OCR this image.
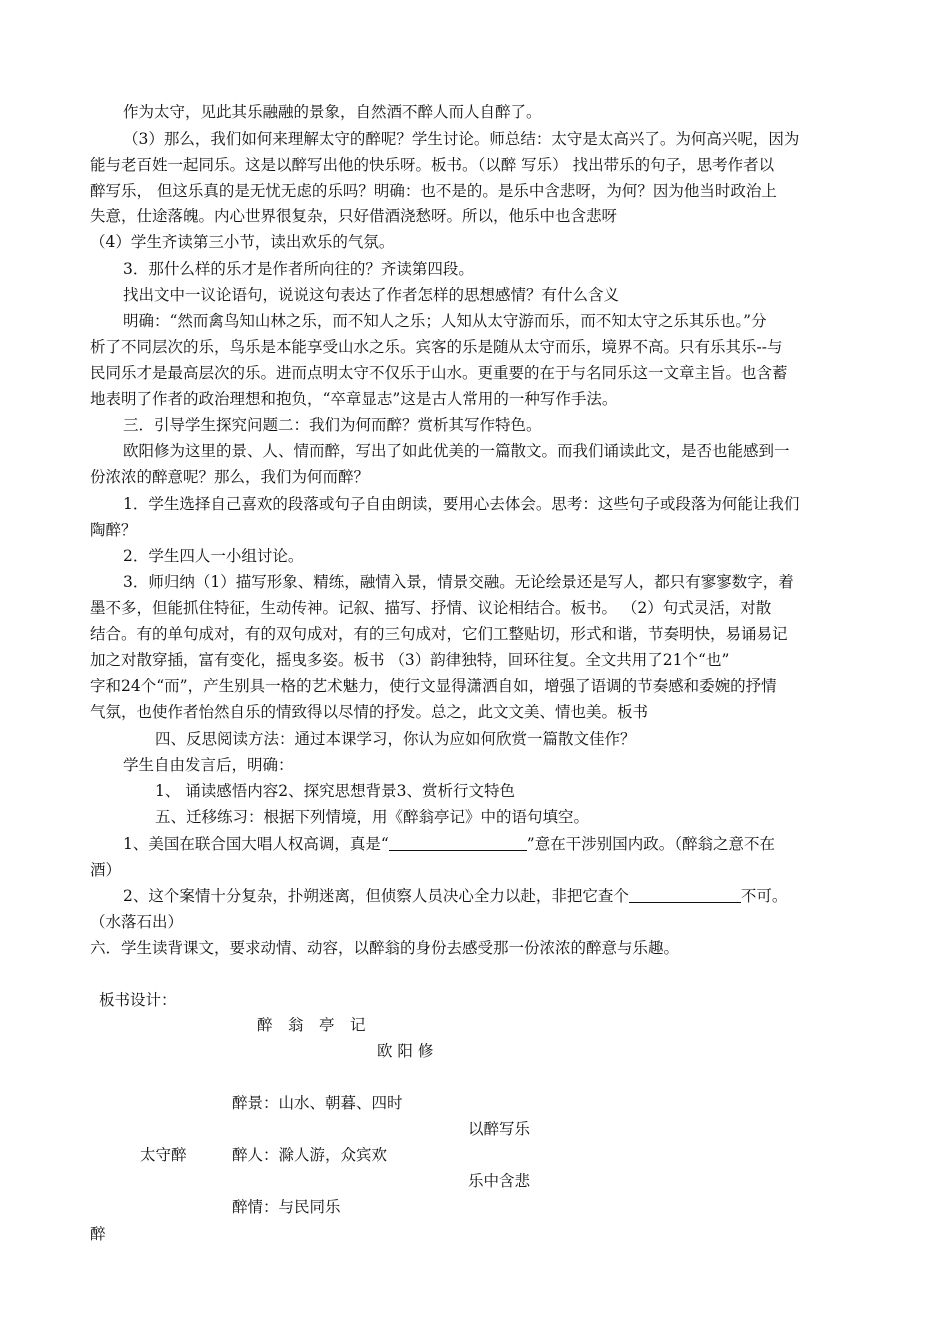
作为太守，见此其乐融融的景象，自然酒不醉人而人自醉了。
（3）那么，我们如何来理解太守的醉呢？学生讨论。师总结：太守是太高兴了。为何高兴呢，因为
能与老百姓一起同乐。这是以醉写出他的快乐呀。板书。（以醉 写乐） 找出带乐的句子，思考作者以
醉写乐， 但这乐真的是无忧无虑的乐吗？明确：也不是的。是乐中含悲呀，为何？因为他当时政治上
失意，仕途落魄。内心世界很复杂，只好借酒浇愁呀。所以，他乐中也含悲呀
（4）学生齐读第三小节，读出欢乐的气氛。
3．那什么样的乐才是作者所向往的？齐读第四段。
找出文中一议论语句，说说这句表达了作者怎样的思想感情？有什么含义
明确：“然而禽鸟知山林之乐，而不知人之乐；人知从太守游而乐，而不知太守之乐其乐也。”分
析了不同层次的乐，鸟乐是本能享受山水之乐。宾客的乐是随从太守而乐，境界不高。只有乐其乐--与
民同乐才是最高层次的乐。进而点明太守不仅乐于山水。更重要的在于与名同乐这一文章主旨。也含蓄
地表明了作者的政治理想和抱负，“卒章显志”这是古人常用的一种写作手法。
三．引导学生探究问题二：我们为何而醉？赏析其写作特色。
欧阳修为这里的景、人、情而醉，写出了如此优美的一篇散文。而我们诵读此文，是否也能感到一
份浓浓的醉意呢？那么，我们为何而醉？
1．学生选择自己喜欢的段落或句子自由朗读，要用心去体会。思考：这些句子或段落为何能让我们
陶醉？
2．学生四人一小组讨论。
3．师归纳（1）描写形象、精练，融情入景，情景交融。无论绘景还是写人，都只有寥寥数字，着
墨不多，但能抓住特征，生动传神。记叙、描写、抒情、议论相结合。板书。 （2）句式灵活，对散
结合。有的单句成对，有的双句成对，有的三句成对，它们工整贴切，形式和谐，节奏明快，易诵易记
加之对散穿插，富有变化，摇曳多姿。板书 （3）韵律独特，回环往复。全文共用了21个“也”
字和24个“而”，产生别具一格的艺术魅力，使行文显得潇洒自如，增强了语调的节奏感和委婉的抒情
气氛，也使作者怡然自乐的情致得以尽情的抒发。总之，此文文美、情也美。板书
四、反思阅读方法：通过本课学习，你认为应如何欣赏一篇散文佳作？
学生自由发言后，明确：
1、 诵读感悟内容2、探究思想背景3、赏析行文特色
五、迁移练习：根据下列情境，用《醉翁亭记》中的语句填空。
1、美国在联合国大唱人权高调，真是“	”意在干涉别国内政。（醉翁之意不在
酒）
2、这个案情十分复杂，扑朔迷离，但侦察人员决心全力以赴，非把它查个	不可。
（水落石出）
六．学生读背课文，要求动情、动容，以醉翁的身份去感受那一份浓浓的醉意与乐趣。
板书设计：
醉　翁　亭　记
欧 阳 修
醉景：山水、朝暮、四时
以醉写乐
太守醉	醉人：滁人游，众宾欢
乐中含悲
醉情：与民同乐
醉
